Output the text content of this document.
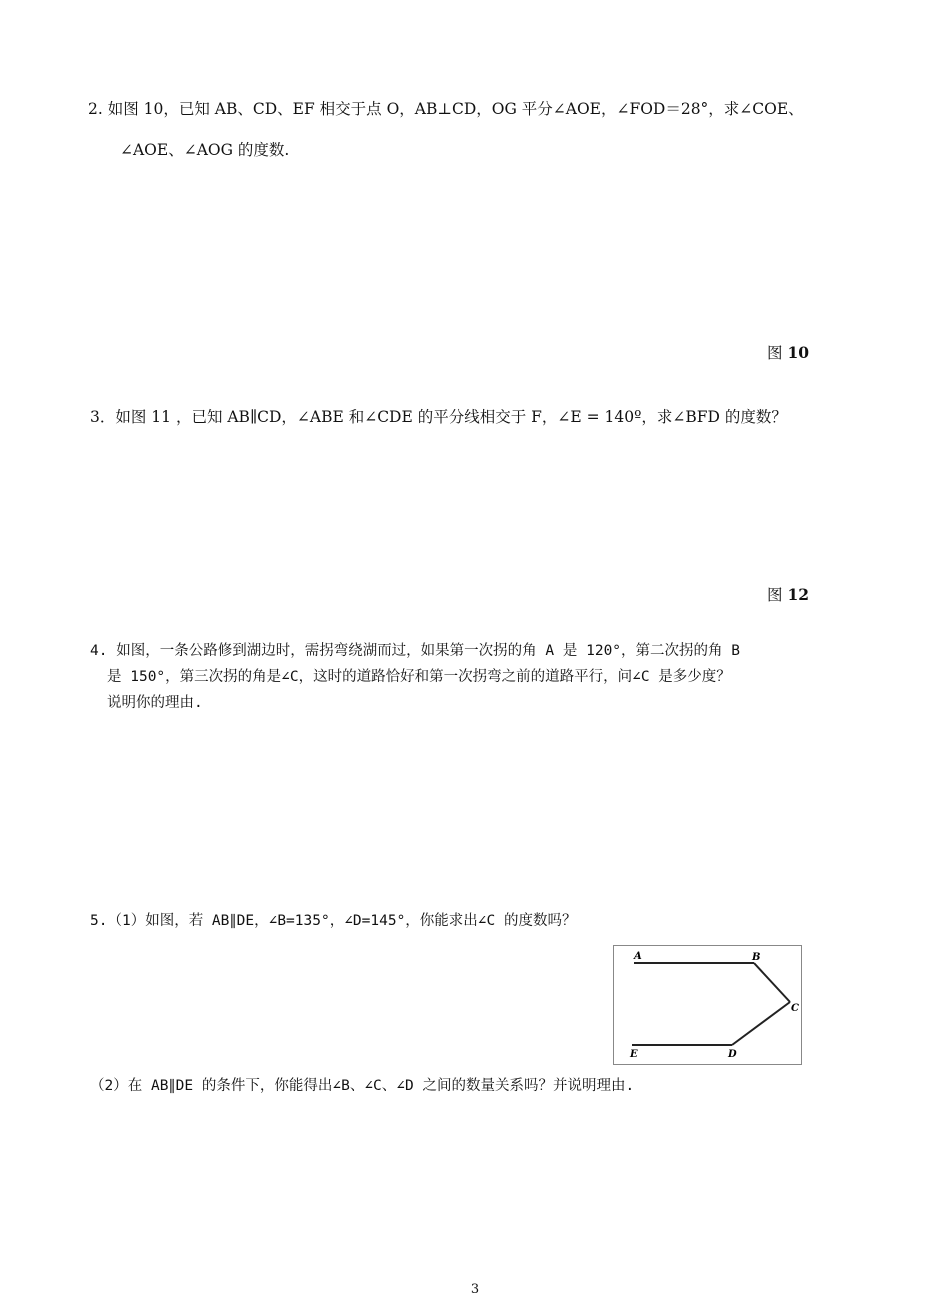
2. 如图 10，已知 AB、CD、EF 相交于点 O，AB⊥CD，OG 平分∠AOE，∠FOD＝28°，求∠COE、
∠AOE、∠AOG 的度数.
图 10
3．如图 11 ，已知 AB∥CD，∠ABE 和∠CDE 的平分线相交于 F，∠E = 140º，求∠BFD 的度数？
图 12
4. 如图，一条公路修到湖边时，需拐弯绕湖而过，如果第一次拐的角 A 是 120°，第二次拐的角 B
是 150°，第三次拐的角是∠C，这时的道路恰好和第一次拐弯之前的道路平行，问∠C 是多少度？
说明你的理由.
5.（1）如图，若 AB∥DE，∠B=135°，∠D=145°，你能求出∠C 的度数吗？
A	B
C
D
E
（2）在 AB∥DE 的条件下，你能得出∠B、∠C、∠D 之间的数量关系吗？并说明理由.
3
